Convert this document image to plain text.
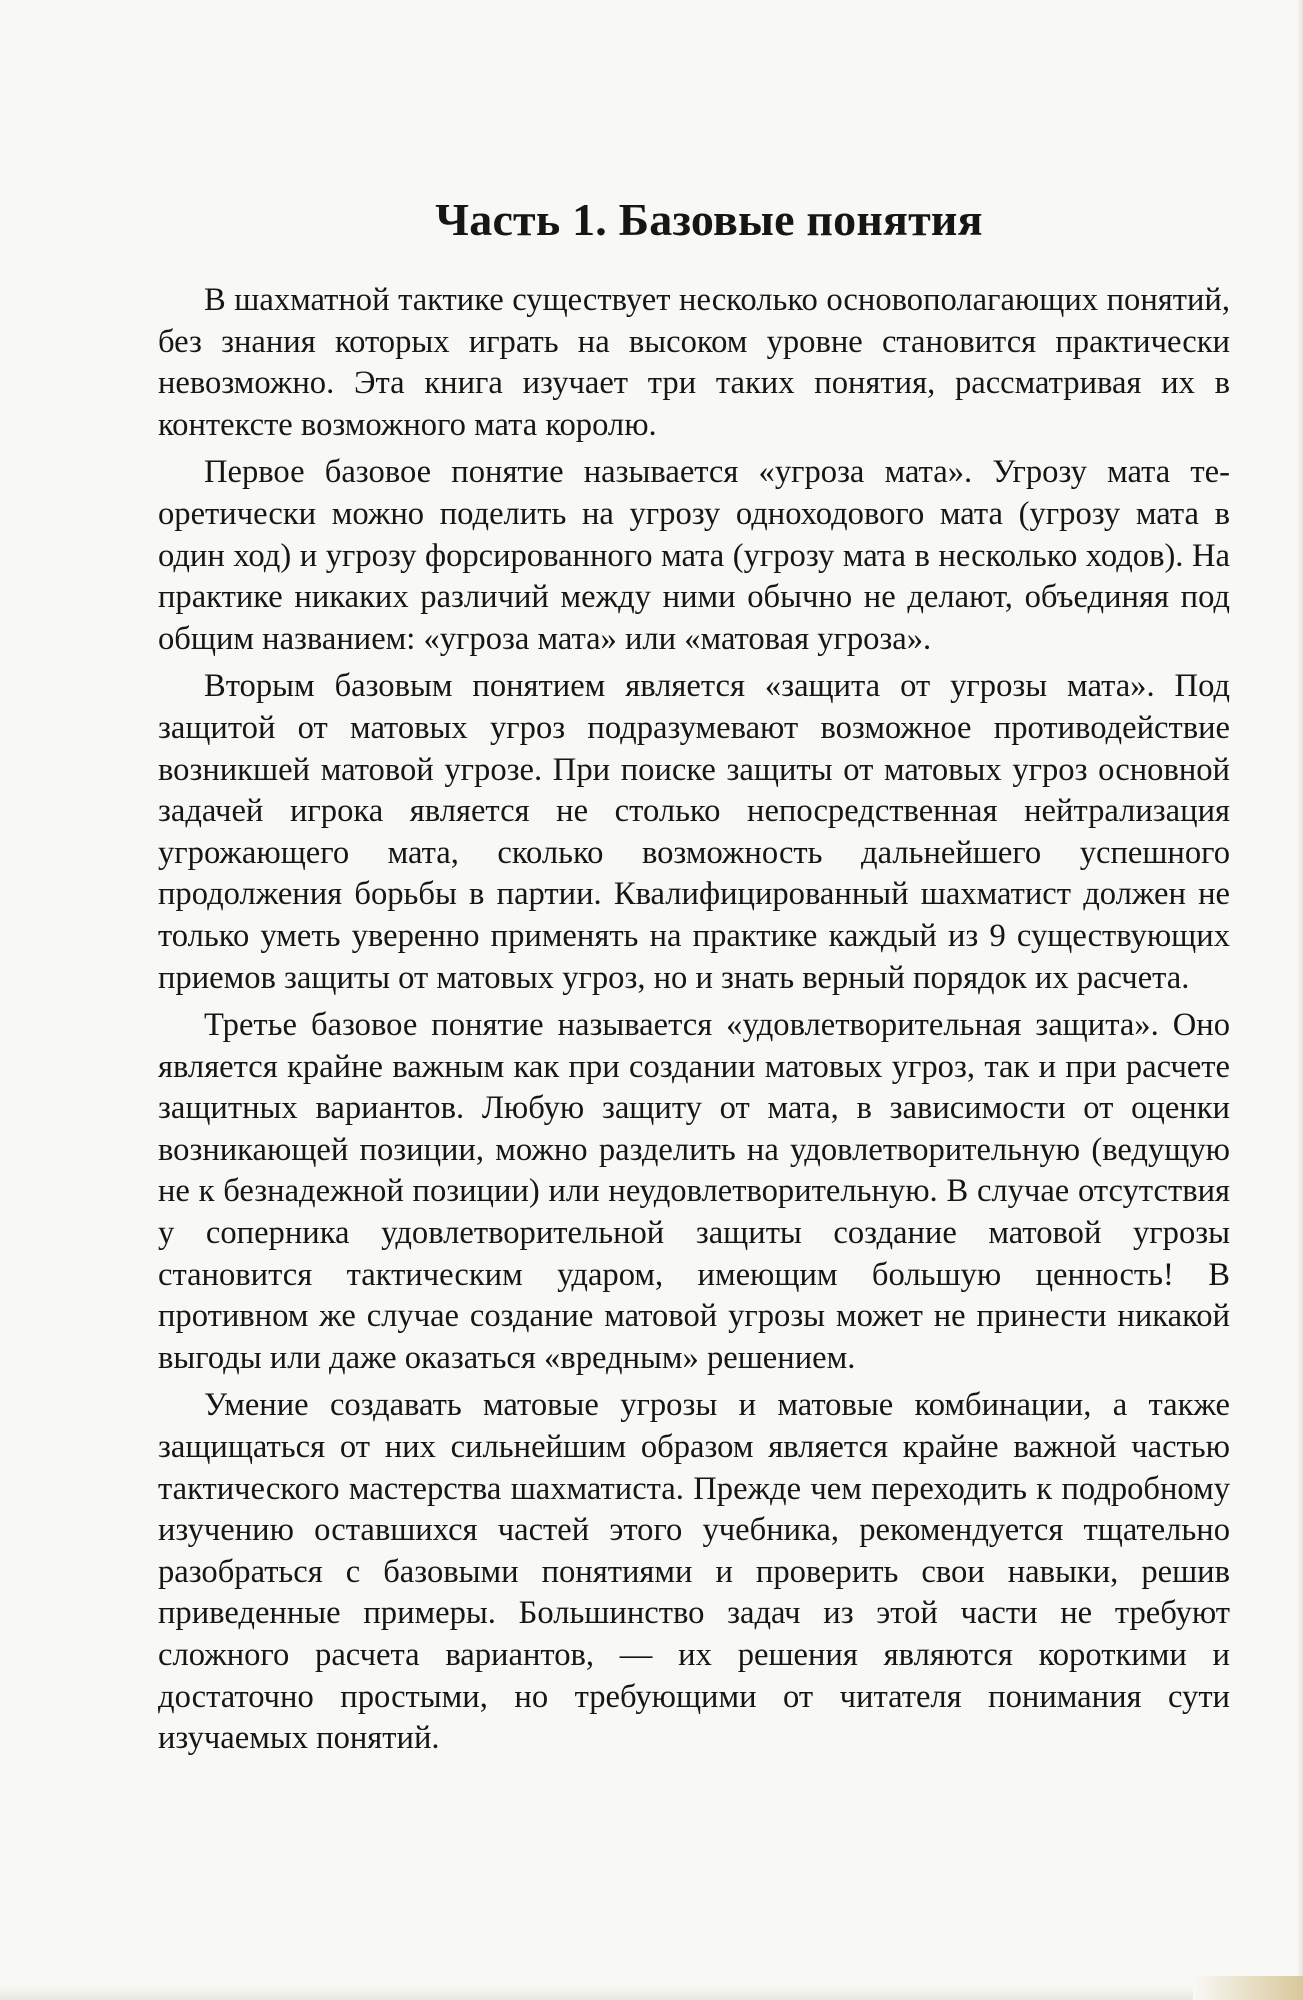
Часть 1. Базовые понятия

В шахматной тактике существует несколько основополагающих понятий, без знания которых играть на высоком уровне становится практически невозможно. Эта книга изучает три таких понятия, рассматривая их в контексте возможного мата королю.

Первое базовое понятие называется «угроза мата». Угрозу мата теоретически можно поделить на угрозу одноходового мата (угрозу мата в один ход) и угрозу форсированного мата (угрозу мата в несколько ходов). На практике никаких различий между ними обычно не делают, объединяя под общим названием: «угроза мата» или «матовая угроза».

Вторым базовым понятием является «защита от угрозы мата». Под защитой от матовых угроз подразумевают возможное противодействие возникшей матовой угрозе. При поиске защиты от матовых угроз основной задачей игрока является не столько непосредственная нейтрализация угрожающего мата, сколько возможность дальнейшего успешного продолжения борьбы в партии. Квалифицированный шахматист должен не только уметь уверенно применять на практике каждый из 9 существующих приемов защиты от матовых угроз, но и знать верный порядок их расчета.

Третье базовое понятие называется «удовлетворительная защита». Оно является крайне важным как при создании матовых угроз, так и при расчете защитных вариантов. Любую защиту от мата, в зависимости от оценки возникающей позиции, можно разделить на удовлетворительную (ведущую не к безнадежной позиции) или неудовлетворительную. В случае отсутствия у соперника удовлетворительной защиты создание матовой угрозы становится тактическим ударом, имеющим большую ценность! В противном же случае создание матовой угрозы может не принести никакой выгоды или даже оказаться «вредным» решением.

Умение создавать матовые угрозы и матовые комбинации, а также защищаться от них сильнейшим образом является крайне важной частью тактического мастерства шахматиста. Прежде чем переходить к подробному изучению оставшихся частей этого учебника, рекомендуется тщательно разобраться с базовыми понятиями и проверить свои навыки, решив приведенные примеры. Большинство задач из этой части не требуют сложного расчета вариантов, — их решения являются короткими и достаточно простыми, но требующими от читателя понимания сути изучаемых понятий.
